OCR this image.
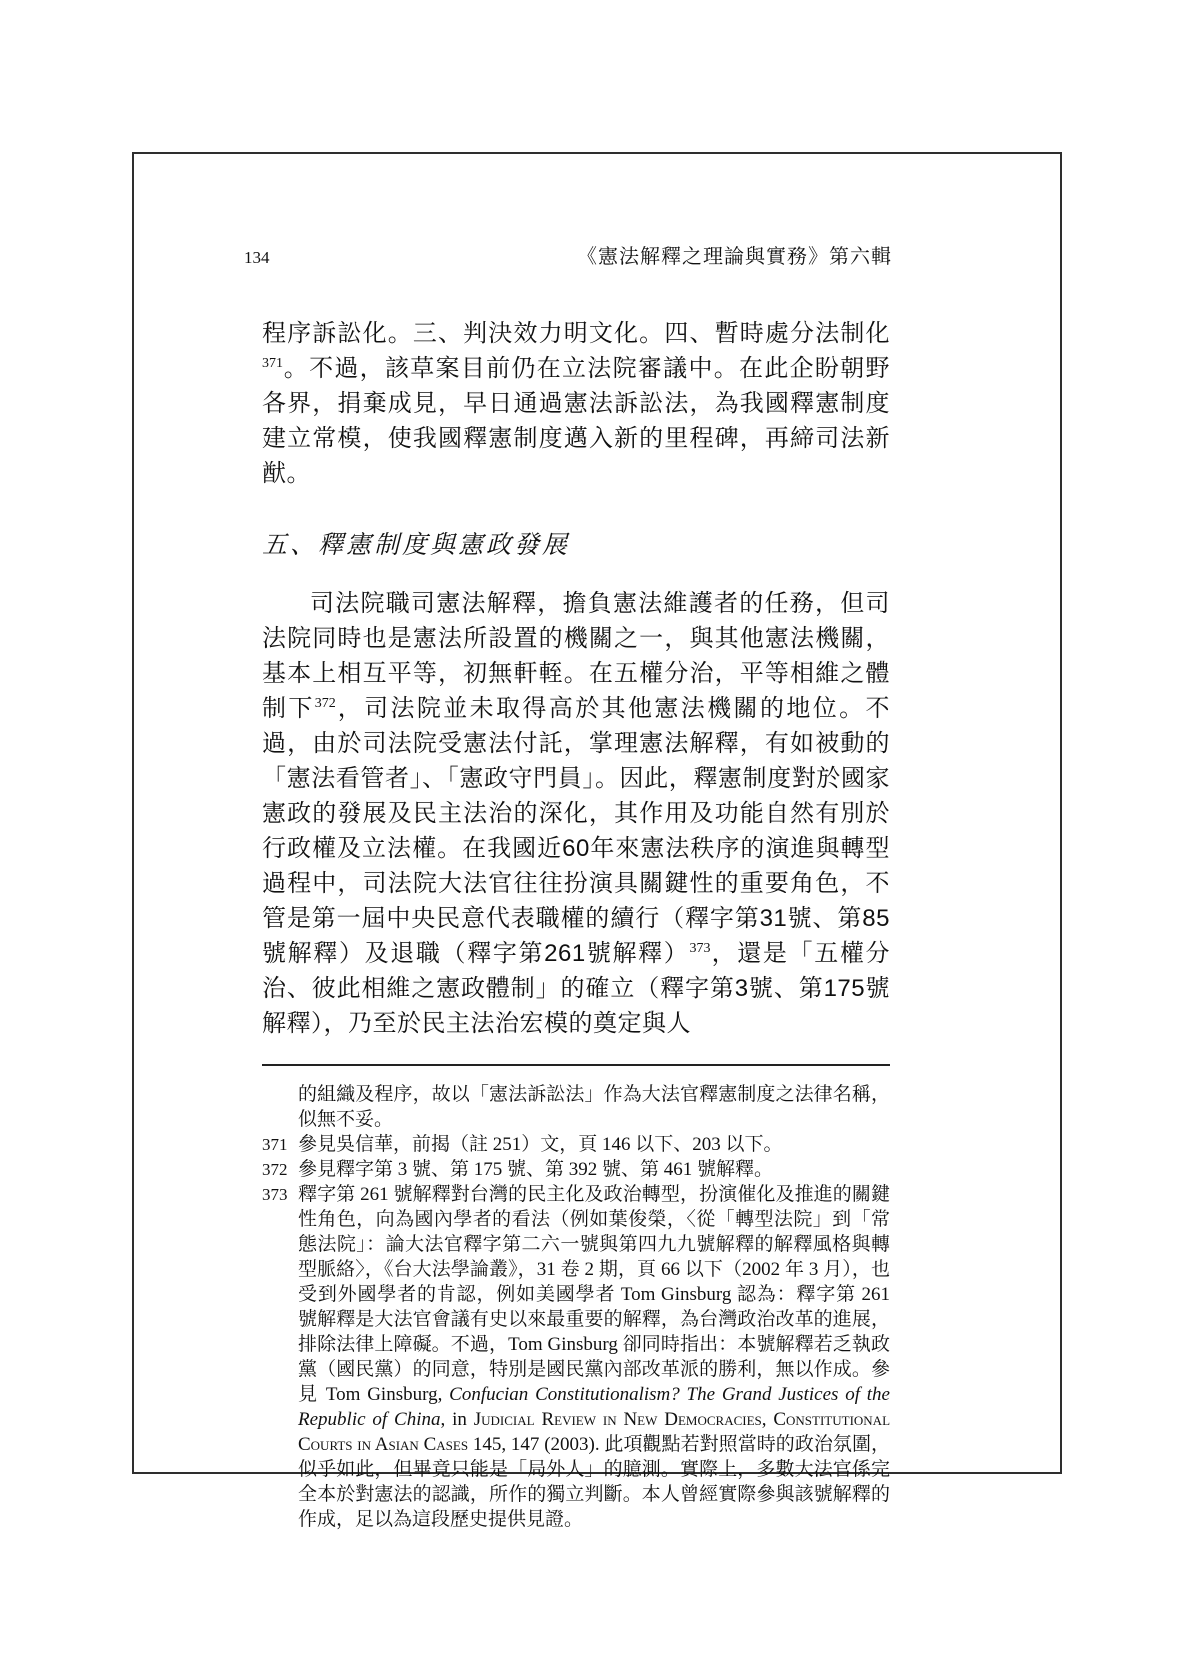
134	《憲法解釋之理論與實務》第六輯
程序訴訟化。三、判決效力明文化。四、暫時處分法制化$^{371}$。不過，該草案目前仍在立法院審議中。在此企盼朝野各界，捐棄成見，早日通過憲法訴訟法，為我國釋憲制度建立常模，使我國釋憲制度邁入新的里程碑，再締司法新猷。
五、釋憲制度與憲政發展
司法院職司憲法解釋，擔負憲法維護者的任務，但司法院同時也是憲法所設置的機關之一，與其他憲法機關，基本上相互平等，初無軒輊。在五權分治，平等相維之體制下$^{372}$，司法院並未取得高於其他憲法機關的地位。不過，由於司法院受憲法付託，掌理憲法解釋，有如被動的「憲法看管者」、「憲政守門員」。因此，釋憲制度對於國家憲政的發展及民主法治的深化，其作用及功能自然有別於行政權及立法權。在我國近60年來憲法秩序的演進與轉型過程中，司法院大法官往往扮演具關鍵性的重要角色，不管是第一屆中央民意代表職權的續行（釋字第31號、第85號解釋）及退職（釋字第261號解釋）$^{373}$，還是「五權分治、彼此相維之憲政體制」的確立（釋字第3號、第175號解釋），乃至於民主法治宏模的奠定與人
的組織及程序，故以「憲法訴訟法」作為大法官釋憲制度之法律名稱，似無不妥。
371 參見吳信華，前揭（註 251）文，頁 146 以下、203 以下。
372 參見釋字第 3 號、第 175 號、第 392 號、第 461 號解釋。
373 釋字第 261 號解釋對台灣的民主化及政治轉型，扮演催化及推進的關鍵性角色，向為國內學者的看法（例如葉俊榮，〈從「轉型法院」到「常態法院」：論大法官釋字第二六一號與第四九九號解釋的解釋風格與轉型脈絡〉，《台大法學論叢》，31 卷 2 期，頁 66 以下（2002 年 3 月），也受到外國學者的肯認，例如美國學者 Tom Ginsburg 認為：釋字第 261 號解釋是大法官會議有史以來最重要的解釋，為台灣政治改革的進展，排除法律上障礙。不過，Tom Ginsburg 卻同時指出：本號解釋若乏執政黨（國民黨）的同意，特別是國民黨內部改革派的勝利，無以作成。參見 Tom Ginsburg, Confucian Constitutionalism? The Grand Justices of the Republic of China, in Judicial Review in New Democracies, Constitutional Courts in Asian Cases 145, 147 (2003). 此項觀點若對照當時的政治氛圍，似乎如此，但畢竟只能是「局外人」的臆測。實際上，多數大法官係完全本於對憲法的認識，所作的獨立判斷。本人曾經實際參與該號解釋的作成，足以為這段歷史提供見證。
